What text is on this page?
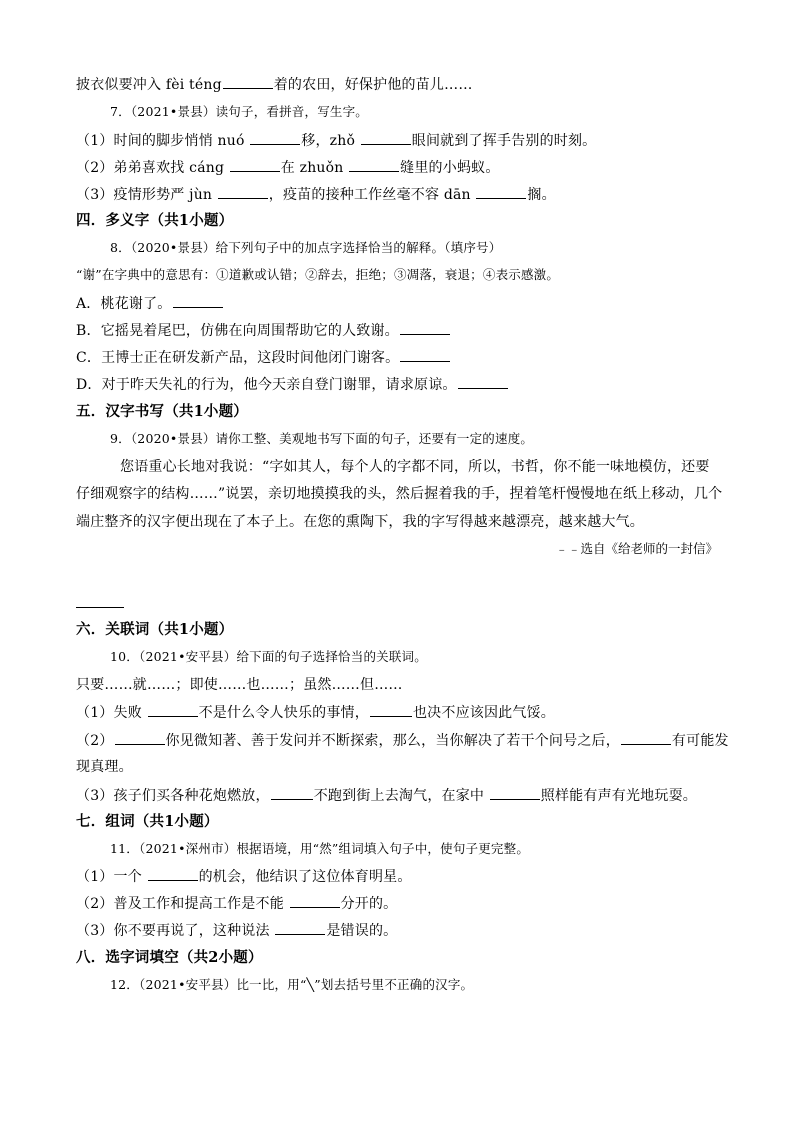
披衣似要冲入 fèi téng	着的农田，好保护他的苗儿……
7．（2021•景县）读句子，看拼音，写生字。
（1）时间的脚步悄悄 nuó	移，zhǒ	眼间就到了挥手告别的时刻。
（2）弟弟喜欢找 cáng	在 zhuǒn	缝里的小蚂蚁。
（3）疫情形势严 jùn	，疫苗的接种工作丝毫不容 dān	搁。
四．多义字（共1小题）
8．（2020•景县）给下列句子中的加点字选择恰当的解释。（填序号）
“谢”在字典中的意思有：①道歉或认错；②辞去，拒绝；③凋落，衰退；④表示感激。
A．桃花谢了。
B．它摇晃着尾巴，仿佛在向周围帮助它的人致谢。
C．王博士正在研发新产品，这段时间他闭门谢客。
D．对于昨天失礼的行为，他今天亲自登门谢罪，请求原谅。
五．汉字书写（共1小题）
9．（2020•景县）请你工整、美观地书写下面的句子，还要有一定的速度。
您语重心长地对我说：“字如其人，每个人的字都不同，所以，书哲，你不能一味地模仿，还要
仔细观察字的结构……”说罢，亲切地摸摸我的头，然后握着我的手，捏着笔杆慢慢地在纸上移动，几个
端庄整齐的汉字便出现在了本子上。在您的熏陶下，我的字写得越来越漂亮，越来越大气。
﹣﹣选自《给老师的一封信》
六．关联词（共1小题）
10．（2021•安平县）给下面的句子选择恰当的关联词。
只要……就……；即使……也……；虽然……但……
（1）失败	不是什么令人快乐的事情，	也决不应该因此气馁。
（2）	你见微知著、善于发问并不断探索，那么，当你解决了若干个问号之后，	有可能发
现真理。
（3）孩子们买各种花炮燃放，	不跑到街上去淘气，在家中	照样能有声有光地玩耍。
七．组词（共1小题）
11．（2021•深州市）根据语境，用“然”组词填入句子中，使句子更完整。
（1）一个	的机会，他结识了这位体育明星。
（2）普及工作和提高工作是不能	分开的。
（3）你不要再说了，这种说法	是错误的。
八．选字词填空（共2小题）
12．（2021•安平县）比一比，用“╲”划去括号里不正确的汉字。
